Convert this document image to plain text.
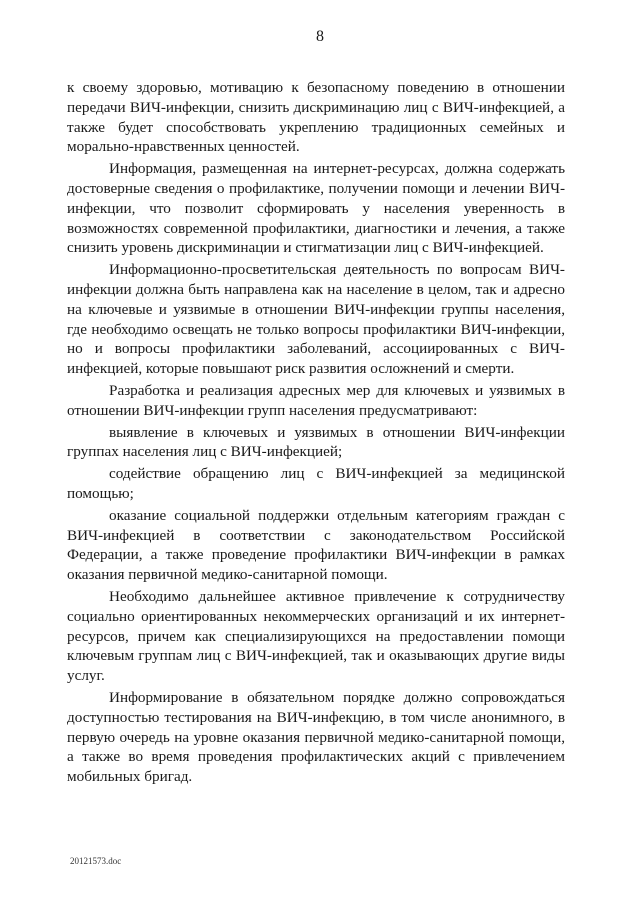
8

к своему здоровью, мотивацию к безопасному поведению в отношении передачи ВИЧ-инфекции, снизить дискриминацию лиц с ВИЧ-инфекцией, а также будет способствовать укреплению традиционных семейных и морально-нравственных ценностей.

Информация, размещенная на интернет-ресурсах, должна содержать достоверные сведения о профилактике, получении помощи и лечении ВИЧ-инфекции, что позволит сформировать у населения уверенность в возможностях современной профилактики, диагностики и лечения, а также снизить уровень дискриминации и стигматизации лиц с ВИЧ-инфекцией.

Информационно-просветительская деятельность по вопросам ВИЧ-инфекции должна быть направлена как на население в целом, так и адресно на ключевые и уязвимые в отношении ВИЧ-инфекции группы населения, где необходимо освещать не только вопросы профилактики ВИЧ-инфекции, но и вопросы профилактики заболеваний, ассоциированных с ВИЧ-инфекцией, которые повышают риск развития осложнений и смерти.

Разработка и реализация адресных мер для ключевых и уязвимых в отношении ВИЧ-инфекции групп населения предусматривают:

выявление в ключевых и уязвимых в отношении ВИЧ-инфекции группах населения лиц с ВИЧ-инфекцией;

содействие обращению лиц с ВИЧ-инфекцией за медицинской помощью;

оказание социальной поддержки отдельным категориям граждан с ВИЧ-инфекцией в соответствии с законодательством Российской Федерации, а также проведение профилактики ВИЧ-инфекции в рамках оказания первичной медико-санитарной помощи.

Необходимо дальнейшее активное привлечение к сотрудничеству социально ориентированных некоммерческих организаций и их интернет-ресурсов, причем как специализирующихся на предоставлении помощи ключевым группам лиц с ВИЧ-инфекцией, так и оказывающих другие виды услуг.

Информирование в обязательном порядке должно сопровождаться доступностью тестирования на ВИЧ-инфекцию, в том числе анонимного, в первую очередь на уровне оказания первичной медико-санитарной помощи, а также во время проведения профилактических акций с привлечением мобильных бригад.

20121573.doc
